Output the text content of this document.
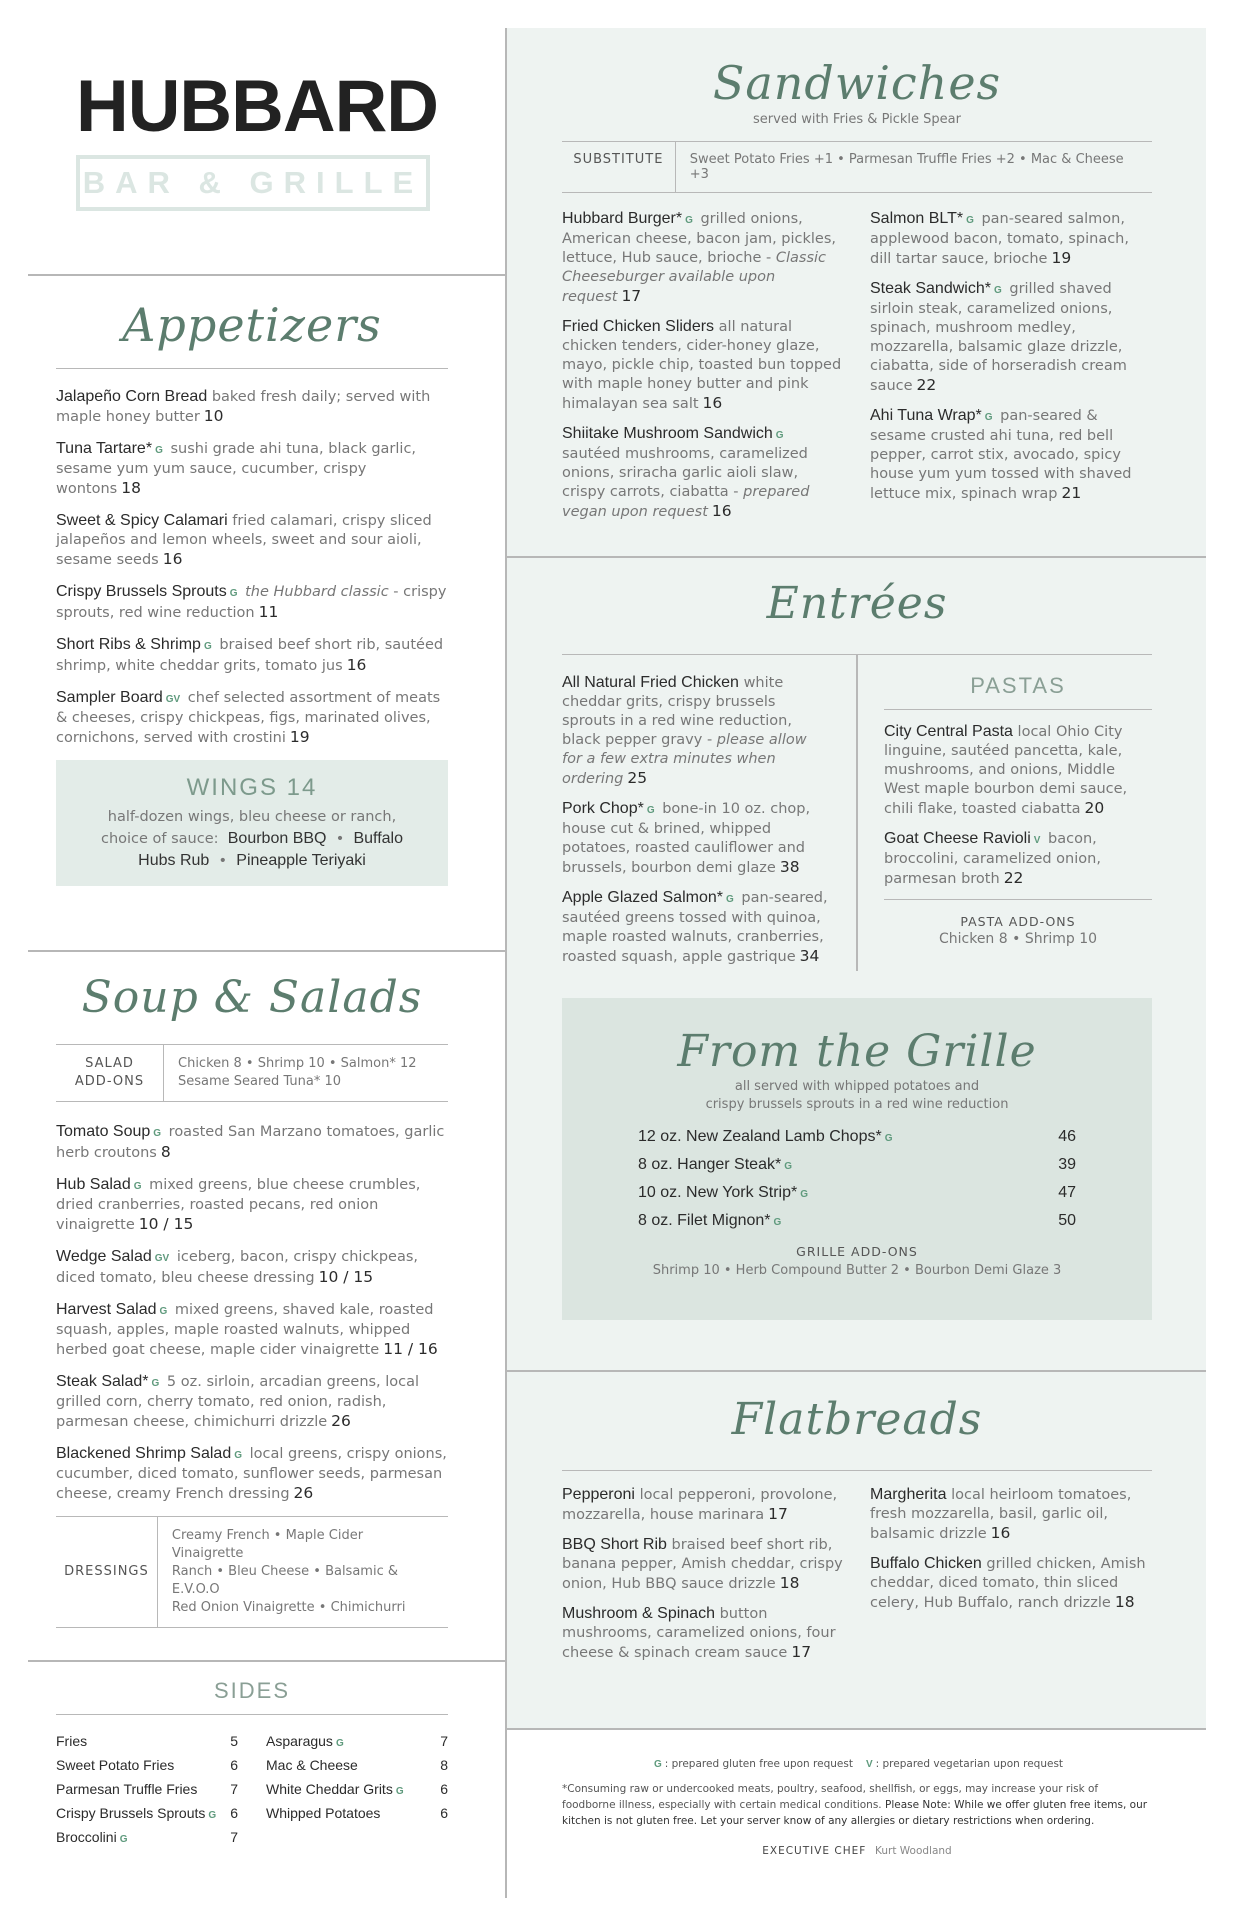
HUBBARD
BAR & GRILLE
Appetizers
Jalapeño Corn Bread baked fresh daily; served with maple honey butter 10
Tuna Tartare* G sushi grade ahi tuna, black garlic, sesame yum yum sauce, cucumber, crispy wontons 18
Sweet & Spicy Calamari fried calamari, crispy sliced jalapeños and lemon wheels, sweet and sour aioli, sesame seeds 16
Crispy Brussels Sprouts G the Hubbard classic - crispy sprouts, red wine reduction 11
Short Ribs & Shrimp G braised beef short rib, sautéed shrimp, white cheddar grits, tomato jus 16
Sampler Board GV chef selected assortment of meats & cheeses, crispy chickpeas, figs, marinated olives, cornichons, served with crostini 19
WINGS 14
half-dozen wings, bleu cheese or ranch,
choice of sauce: Bourbon BBQ  •  Buffalo
Hubs Rub  •  Pineapple Teriyaki
Soup & Salads
SALAD
ADD-ONS
Chicken 8 • Shrimp 10 • Salmon* 12
Sesame Seared Tuna* 10
Tomato Soup G roasted San Marzano tomatoes, garlic herb croutons 8
Hub Salad G mixed greens, blue cheese crumbles, dried cranberries, roasted pecans, red onion vinaigrette 10 / 15
Wedge Salad GV iceberg, bacon, crispy chickpeas, diced tomato, bleu cheese dressing 10 / 15
Harvest Salad G mixed greens, shaved kale, roasted squash, apples, maple roasted walnuts, whipped herbed goat cheese, maple cider vinaigrette 11 / 16
Steak Salad* G 5 oz. sirloin, arcadian greens, local grilled corn, cherry tomato, red onion, radish, parmesan cheese, chimichurri drizzle 26
Blackened Shrimp Salad G local greens, crispy onions, cucumber, diced tomato, sunflower seeds, parmesan cheese, creamy French dressing 26
DRESSINGS
Creamy French • Maple Cider Vinaigrette
Ranch • Bleu Cheese • Balsamic & E.V.O.O
Red Onion Vinaigrette • Chimichurri
SIDES
Fries	5
Sweet Potato Fries	6
Parmesan Truffle Fries 7
Crispy Brussels Sprouts G 6
Broccolini G	7
Asparagus G	7
Mac & Cheese	8
White Cheddar Grits G	6
Whipped Potatoes	6
Sandwiches
served with Fries & Pickle Spear
SUBSTITUTE	Sweet Potato Fries +1 • Parmesan Truffle Fries +2 • Mac & Cheese +3
Hubbard Burger* G grilled onions, American cheese, bacon jam, pickles, lettuce, Hub sauce, brioche - Classic Cheeseburger available upon request 17
Fried Chicken Sliders all natural chicken tenders, cider-honey glaze, mayo, pickle chip, toasted bun topped with maple honey butter and pink himalayan sea salt 16
Shiitake Mushroom Sandwich G sautéed mushrooms, caramelized onions, sriracha garlic aioli slaw, crispy carrots, ciabatta - prepared vegan upon request 16
Salmon BLT* G pan-seared salmon, applewood bacon, tomato, spinach, dill tartar sauce, brioche 19
Steak Sandwich* G grilled shaved sirloin steak, caramelized onions, spinach, mushroom medley, mozzarella, balsamic glaze drizzle, ciabatta, side of horseradish cream sauce 22
Ahi Tuna Wrap* G pan-seared & sesame crusted ahi tuna, red bell pepper, carrot stix, avocado, spicy house yum yum tossed with shaved lettuce mix, spinach wrap 21
Entrées
All Natural Fried Chicken white cheddar grits, crispy brussels sprouts in a red wine reduction, black pepper gravy - please allow for a few extra minutes when ordering 25
Pork Chop* G bone-in 10 oz. chop, house cut & brined, whipped potatoes, roasted cauliflower and brussels, bourbon demi glaze 38
Apple Glazed Salmon* G pan-seared, sautéed greens tossed with quinoa, maple roasted walnuts, cranberries, roasted squash, apple gastrique 34
PASTAS
City Central Pasta local Ohio City linguine, sautéed pancetta, kale, mushrooms, and onions, Middle West maple bourbon demi sauce, chili flake, toasted ciabatta 20
Goat Cheese Ravioli V bacon, broccolini, caramelized onion, parmesan broth 22
PASTA ADD-ONS
Chicken 8 • Shrimp 10
From the Grille
all served with whipped potatoes and
crispy brussels sprouts in a red wine reduction
12 oz. New Zealand Lamb Chops* G	46
8 oz. Hanger Steak* G	39
10 oz. New York Strip* G	47
8 oz. Filet Mignon* G	50
GRILLE ADD-ONS
Shrimp 10 • Herb Compound Butter 2 • Bourbon Demi Glaze 3
Flatbreads
Pepperoni local pepperoni, provolone, mozzarella, house marinara 17
BBQ Short Rib braised beef short rib, banana pepper, Amish cheddar, crispy onion, Hub BBQ sauce drizzle 18
Mushroom & Spinach button mushrooms, caramelized onions, four cheese & spinach cream sauce 17
Margherita local heirloom tomatoes, fresh mozzarella, basil, garlic oil, balsamic drizzle 16
Buffalo Chicken grilled chicken, Amish cheddar, diced tomato, thin sliced celery, Hub Buffalo, ranch drizzle 18
G : prepared gluten free upon request V : prepared vegetarian upon request
*Consuming raw or undercooked meats, poultry, seafood, shellfish, or eggs, may increase your risk of foodborne illness, especially with certain medical conditions. Please Note: While we offer gluten free items, our kitchen is not gluten free. Let your server know of any allergies or dietary restrictions when ordering.
EXECUTIVE CHEF Kurt Woodland
